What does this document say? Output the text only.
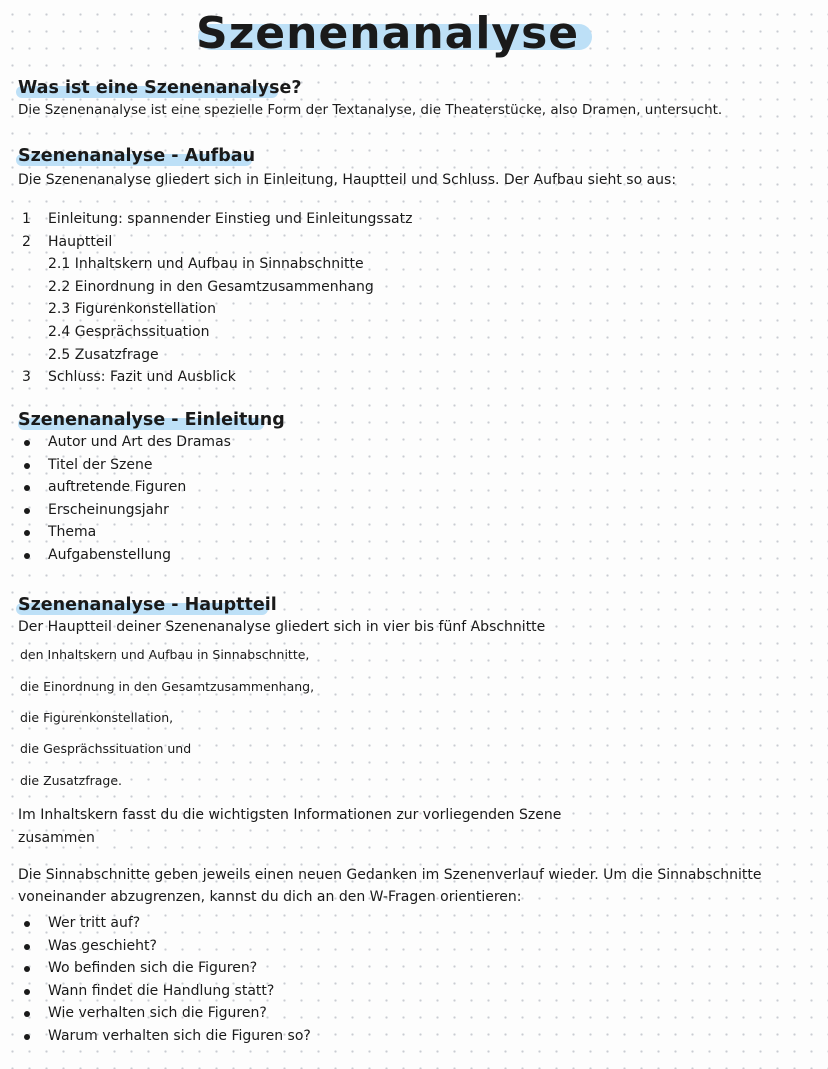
Szenenanalyse
Was ist eine Szenenanalyse?
Die Szenenanalyse ist eine spezielle Form der Textanalyse, die Theaterstücke, also Dramen, untersucht.
Szenenanalyse - Aufbau
Die Szenenanalyse gliedert sich in Einleitung, Hauptteil und Schluss. Der Aufbau sieht so aus:
1 Einleitung: spannender Einstieg und Einleitungssatz
2 Hauptteil
2.1 Inhaltskern und Aufbau in Sinnabschnitte
2.2 Einordnung in den Gesamtzusammenhang
2.3 Figurenkonstellation
2.4 Gesprächssituation
2.5 Zusatzfrage
3 Schluss: Fazit und Ausblick
Szenenanalyse - Einleitung
Autor und Art des Dramas
Titel der Szene
auftretende Figuren
Erscheinungsjahr
Thema
Aufgabenstellung
Szenenanalyse - Hauptteil
Der Hauptteil deiner Szenenanalyse gliedert sich in vier bis fünf Abschnitte
den Inhaltskern und Aufbau in Sinnabschnitte,
die Einordnung in den Gesamtzusammenhang,
die Figurenkonstellation,
die Gesprächssituation und
die Zusatzfrage.
Im Inhaltskern fasst du die wichtigsten Informationen zur vorliegenden Szene
zusammen
Die Sinnabschnitte geben jeweils einen neuen Gedanken im Szenenverlauf wieder. Um die Sinnabschnitte
voneinander abzugrenzen, kannst du dich an den W-Fragen orientieren:
Wer tritt auf?
Was geschieht?
Wo befinden sich die Figuren?
Wann findet die Handlung statt?
Wie verhalten sich die Figuren?
Warum verhalten sich die Figuren so?
